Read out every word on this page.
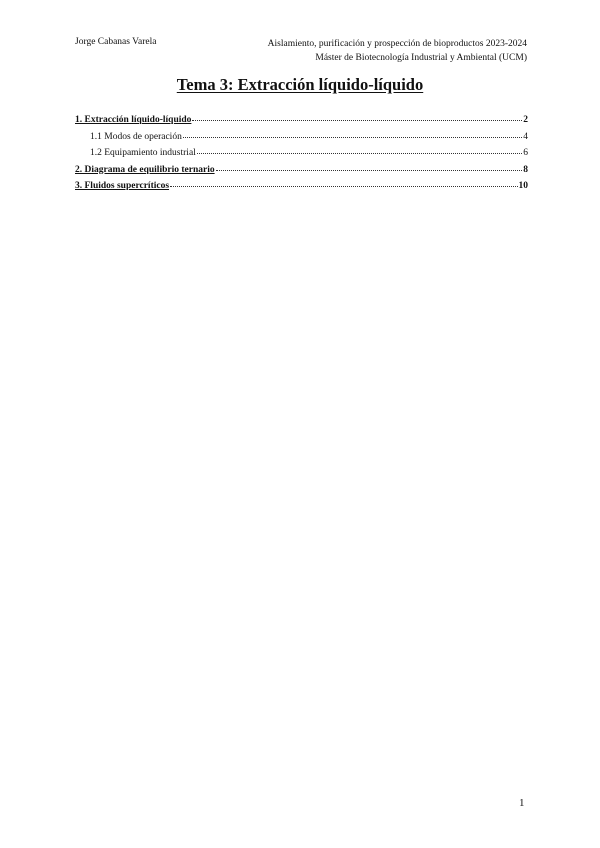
Jorge Cabanas Varela	Aislamiento, purificación y prospección de bioproductos 2023-2024
Máster de Biotecnología Industrial y Ambiental (UCM)
Tema 3: Extracción líquido-líquido
1. Extracción líquido-líquido	2
1.1 Modos de operación	4
1.2 Equipamiento industrial	6
2. Diagrama de equilibrio ternario	8
3. Fluidos supercríticos	10
1
